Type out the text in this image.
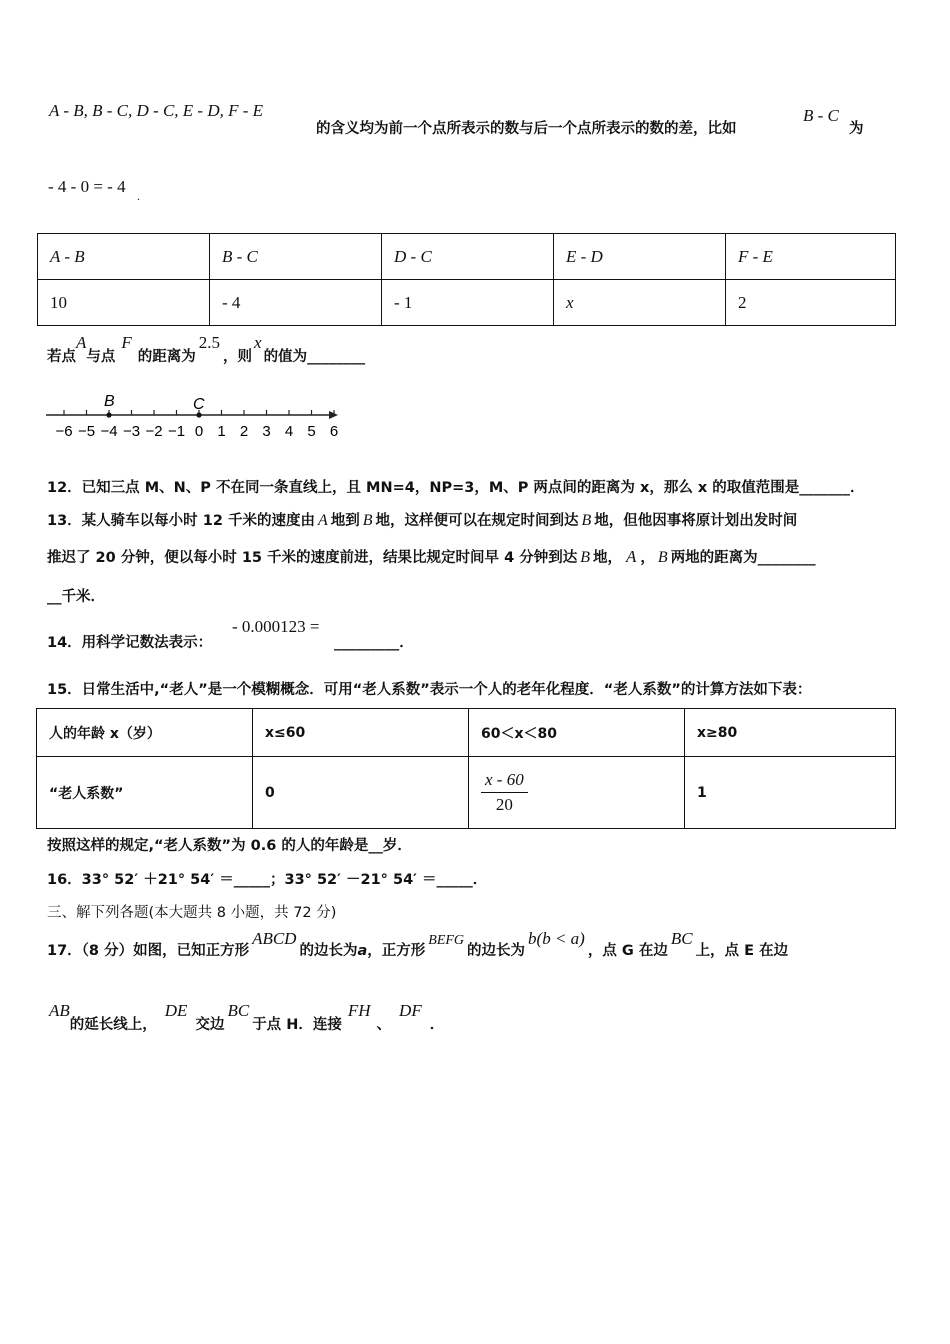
A - B, B - C, D - C, E - D, F - E
的含义均为前一个点所表示的数与后一个点所表示的数的差，比如
B - C
为
- 4 - 0 = - 4 .
A - B	B - C	D - C	E - D	F - E
10	- 4	- 1	x	2
若点A与点F的距离为2.5，则x的值为________
−6 −5 −4 −3 −2 −1 0 1 2 3 4 5 6
B	C
12．已知三点 M、N、P 不在同一条直线上，且 MN=4，NP=3，M、P 两点间的距离为 x，那么 x 的取值范围是_______．
13．某人骑车以每小时 12 千米的速度由 A 地到 B 地，这样便可以在规定时间到达 B 地，但他因事将原计划出发时间
推迟了 20 分钟，便以每小时 15 千米的速度前进，结果比规定时间早 4 分钟到达 B 地， A ， B 两地的距离为________
__千米．
14．用科学记数法表示：
- 0.000123 =
_________．
15．日常生活中,“老人”是一个模糊概念．可用“老人系数”表示一个人的老年化程度．“老人系数”的计算方法如下表：
人的年龄 x（岁）	x≤60	60＜x＜80	x≥80
“老人系数”	0	$\frac{x - 60}{20}$	1
按照这样的规定,“老人系数”为 0.6 的人的年龄是__岁．
16．33° 52′ ＋21° 54′ ＝_____；33° 52′ －21° 54′ ＝_____．
三、解下列各题(本大题共 8 小题，共 72 分)
17．（8 分）如图，已知正方形ABCD的边长为a，正方形BEFG的边长为b(b < a)，点 G 在边BC上，点 E 在边
AB的延长线上，DE交边BC于点 H．连接FH、DF．
